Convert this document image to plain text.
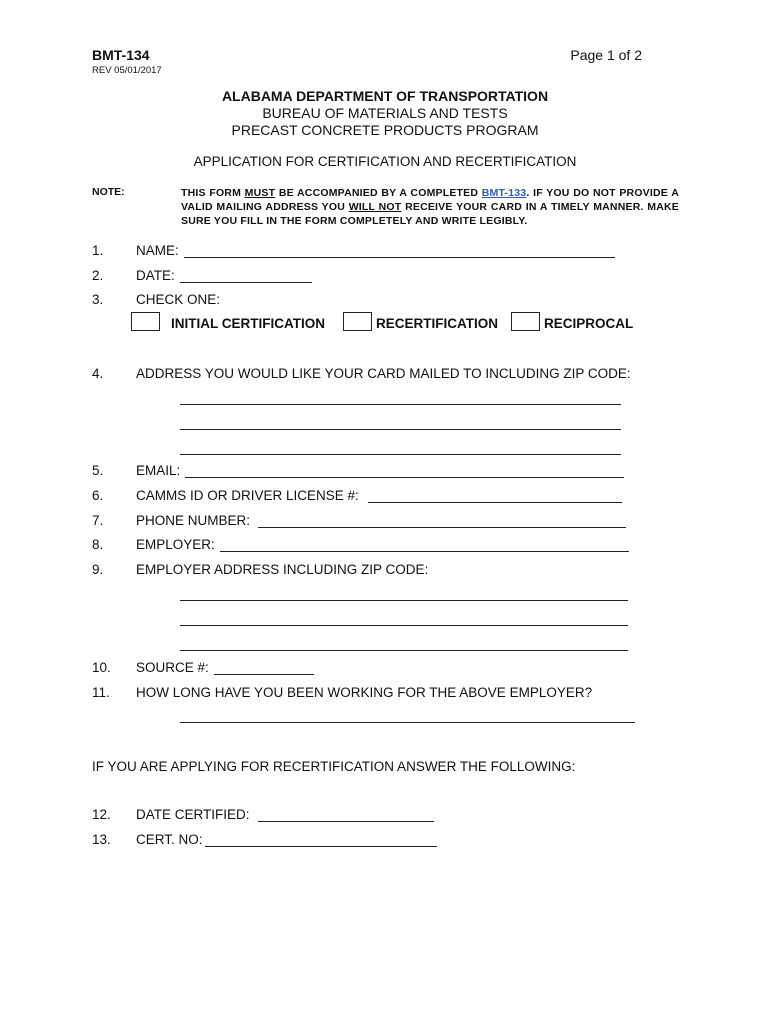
BMT-134
REV 05/01/2017
Page 1 of 2
ALABAMA DEPARTMENT OF TRANSPORTATION
BUREAU OF MATERIALS AND TESTS
PRECAST CONCRETE PRODUCTS PROGRAM
APPLICATION FOR CERTIFICATION AND RECERTIFICATION
NOTE:	THIS FORM MUST BE ACCOMPANIED BY A COMPLETED BMT-133. IF YOU DO NOT PROVIDE A VALID MAILING ADDRESS YOU WILL NOT RECEIVE YOUR CARD IN A TIMELY MANNER. MAKE SURE YOU FILL IN THE FORM COMPLETELY AND WRITE LEGIBLY.
1. NAME:
2. DATE:
3. CHECK ONE:
INITIAL CERTIFICATION	RECERTIFICATION	RECIPROCAL
4. ADDRESS YOU WOULD LIKE YOUR CARD MAILED TO INCLUDING ZIP CODE:
5. EMAIL:
6. CAMMS ID OR DRIVER LICENSE #:
7. PHONE NUMBER:
8. EMPLOYER:
9. EMPLOYER ADDRESS INCLUDING ZIP CODE:
10. SOURCE #:
11. HOW LONG HAVE YOU BEEN WORKING FOR THE ABOVE EMPLOYER?
IF YOU ARE APPLYING FOR RECERTIFICATION ANSWER THE FOLLOWING:
12. DATE CERTIFIED:
13. CERT. NO:
